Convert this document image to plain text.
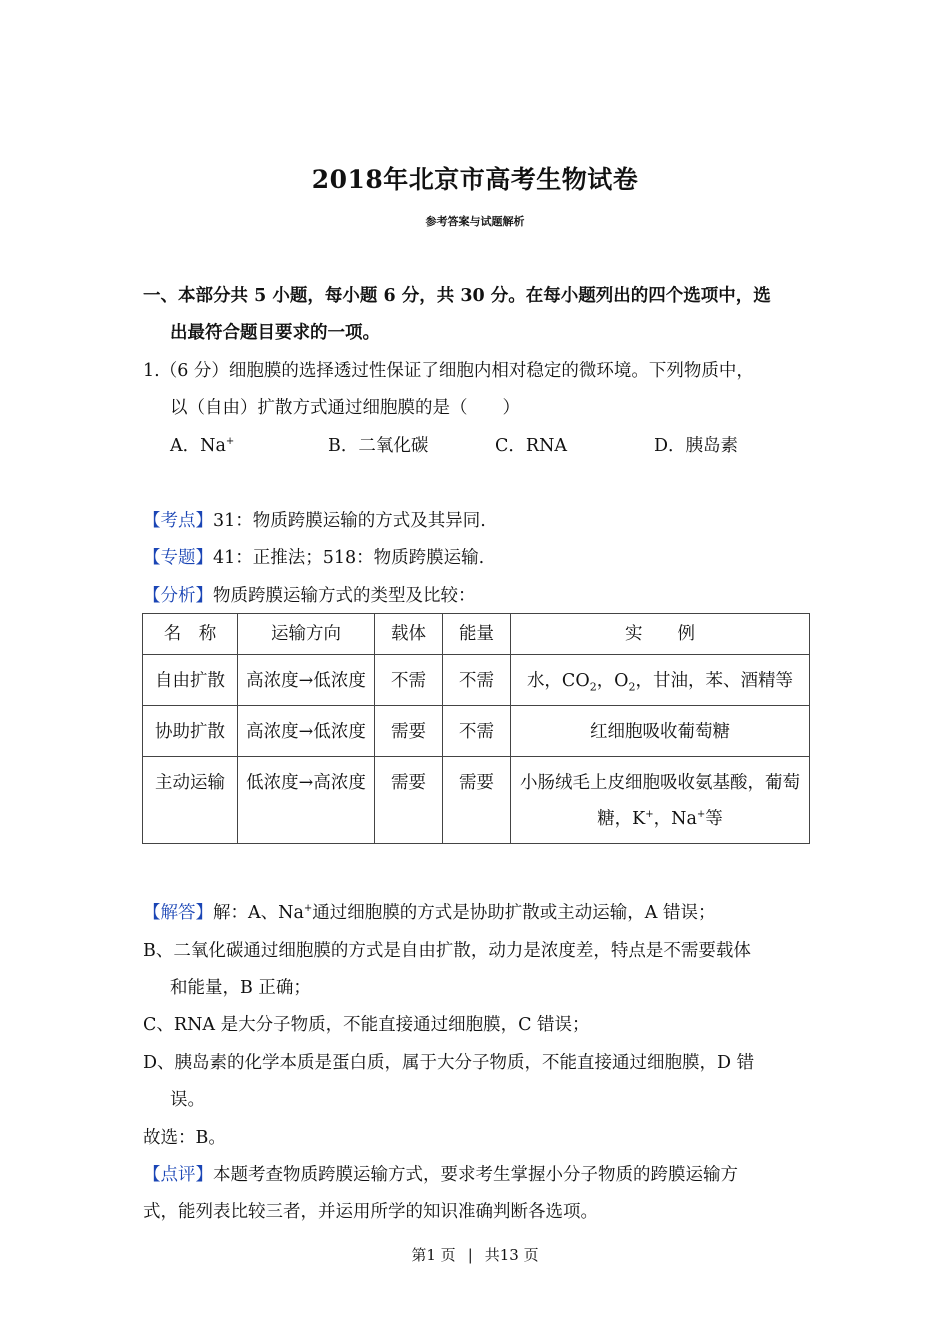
2018年北京市高考生物试卷
参考答案与试题解析
一、本部分共 5 小题，每小题 6 分，共 30 分。在每小题列出的四个选项中，选
出最符合题目要求的一项。
1.（6 分）细胞膜的选择透过性保证了细胞内相对稳定的微环境。下列物质中，
以（自由）扩散方式通过细胞膜的是（　　）
A．Na+	B．二氧化碳	C．RNA	D．胰岛素
【考点】31：物质跨膜运输的方式及其异同.
【专题】41：正推法；518：物质跨膜运输.
【分析】物质跨膜运输方式的类型及比较：
名　称	运输方向	载体	能量	实　　例
自由扩散	高浓度→低浓度	不需	不需	水，$CO_2$，$O_2$，甘油，苯、酒精等
协助扩散	高浓度→低浓度	需要	不需	红细胞吸收葡萄糖
主动运输	低浓度→高浓度	需要	需要	小肠绒毛上皮细胞吸收氨基酸，葡萄糖，K+，Na+等
【解答】解：A、Na+通过细胞膜的方式是协助扩散或主动运输，A 错误；
B、二氧化碳通过细胞膜的方式是自由扩散，动力是浓度差，特点是不需要载体
和能量，B 正确；
C、RNA 是大分子物质，不能直接通过细胞膜，C 错误；
D、胰岛素的化学本质是蛋白质，属于大分子物质，不能直接通过细胞膜，D 错
误。
故选：B。
【点评】本题考查物质跨膜运输方式，要求考生掌握小分子物质的跨膜运输方
式，能列表比较三者，并运用所学的知识准确判断各选项。
第1 页 | 共13 页
